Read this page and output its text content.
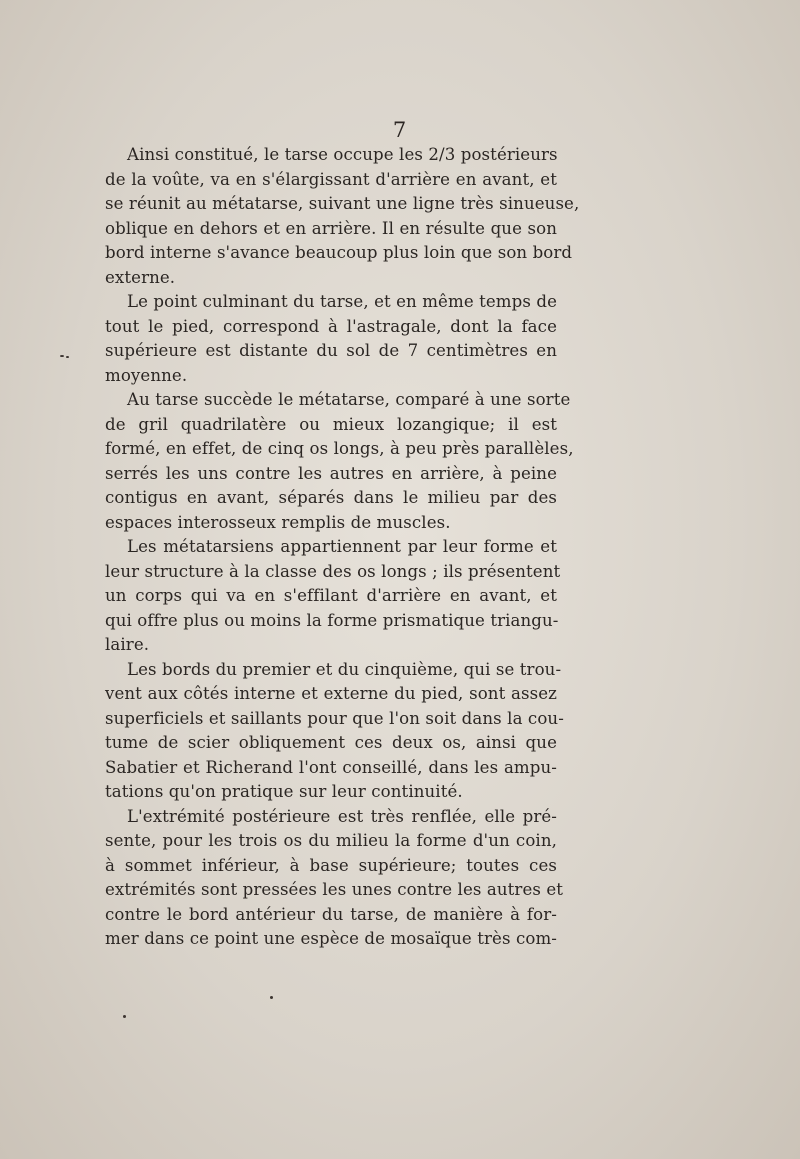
7
Ainsi constitué, le tarse occupe les 2/3 postérieurs
de la voûte, va en s'élargissant d'arrière en avant, et
se réunit au métatarse, suivant une ligne très sinueuse,
oblique en dehors et en arrière. Il en résulte que son
bord interne s'avance beaucoup plus loin que son bord
externe.
Le point culminant du tarse, et en même temps de
tout le pied, correspond à l'astragale, dont la face
supérieure est distante du sol de 7 centimètres en
moyenne.
Au tarse succède le métatarse, comparé à une sorte
de gril quadrilatère ou mieux lozangique; il est
formé, en effet, de cinq os longs, à peu près parallèles,
serrés les uns contre les autres en arrière, à peine
contigus en avant, séparés dans le milieu par des
espaces interosseux remplis de muscles.
Les métatarsiens appartiennent par leur forme et
leur structure à la classe des os longs ; ils présentent
un corps qui va en s'effilant d'arrière en avant, et
qui offre plus ou moins la forme prismatique triangu-
laire.
Les bords du premier et du cinquième, qui se trou-
vent aux côtés interne et externe du pied, sont assez
superficiels et saillants pour que l'on soit dans la cou-
tume de scier obliquement ces deux os, ainsi que
Sabatier et Richerand l'ont conseillé, dans les ampu-
tations qu'on pratique sur leur continuité.
L'extrémité postérieure est très renflée, elle pré-
sente, pour les trois os du milieu la forme d'un coin,
à sommet inférieur, à base supérieure; toutes ces
extrémités sont pressées les unes contre les autres et
contre le bord antérieur du tarse, de manière à for-
mer dans ce point une espèce de mosaïque très com-
